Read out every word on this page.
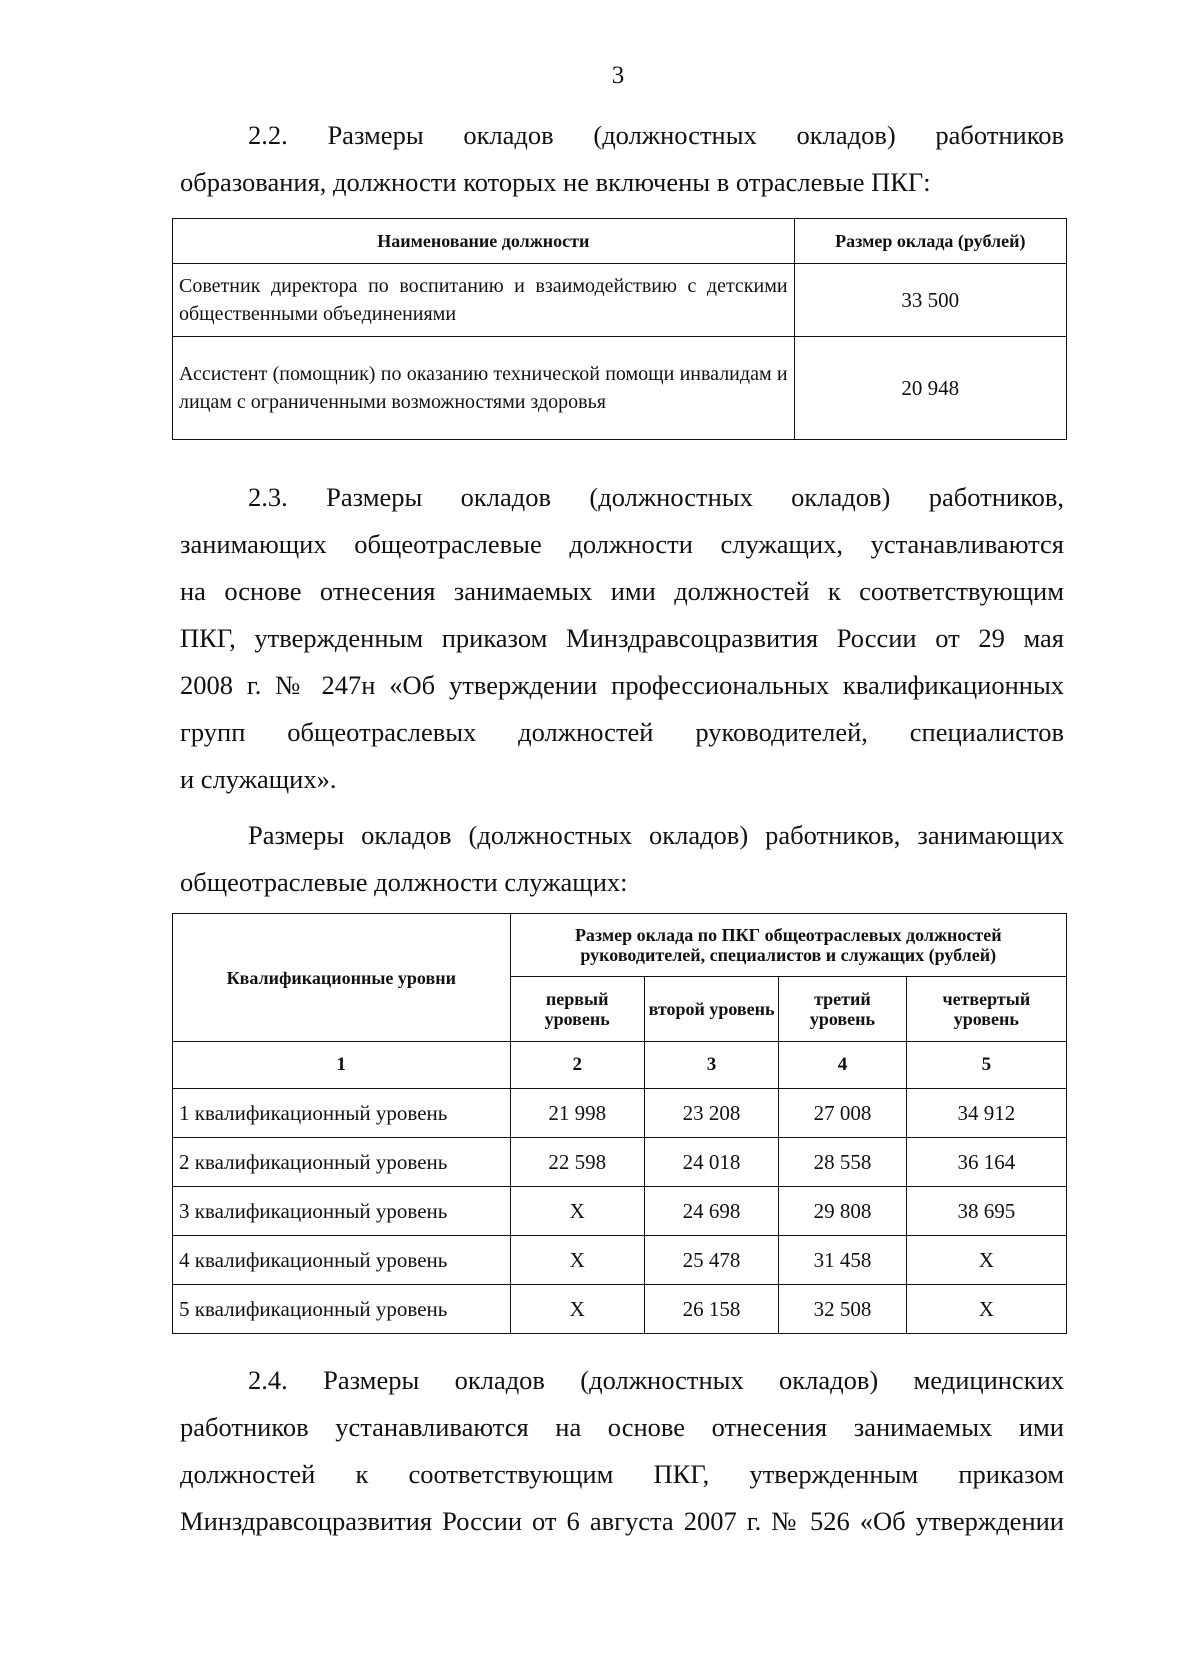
3
2.2. Размеры окладов (должностных окладов) работников
образования, должности которых не включены в отраслевые ПКГ:
Наименование должности	Размер оклада (рублей)
Советник директора по воспитанию и взаимодействию с детскими общественными объединениями	33 500
Ассистент (помощник) по оказанию технической помощи инвалидам и лицам с ограниченными возможностями здоровья	20 948
2.3. Размеры окладов (должностных окладов) работников,
занимающих общеотраслевые должности служащих, устанавливаются
на основе отнесения занимаемых ими должностей к соответствующим
ПКГ, утвержденным приказом Минздравсоцразвития России от 29 мая
2008 г. № 247н «Об утверждении профессиональных квалификационных
групп общеотраслевых должностей руководителей, специалистов
и служащих».
Размеры окладов (должностных окладов) работников, занимающих
общеотраслевые должности служащих:
Квалификационные уровни	Размер оклада по ПКГ общеотраслевых должностей руководителей, специалистов и служащих (рублей)			
	первый уровень	второй уровень	третий уровень	четвертый уровень
1	2	3	4	5
1 квалификационный уровень	21 998	23 208	27 008	34 912
2 квалификационный уровень	22 598	24 018	28 558	36 164
3 квалификационный уровень	Х	24 698	29 808	38 695
4 квалификационный уровень	Х	25 478	31 458	Х
5 квалификационный уровень	Х	26 158	32 508	Х
2.4. Размеры окладов (должностных окладов) медицинских
работников устанавливаются на основе отнесения занимаемых ими
должностей к соответствующим ПКГ, утвержденным приказом
Минздравсоцразвития России от 6 августа 2007 г. № 526 «Об утверждении
